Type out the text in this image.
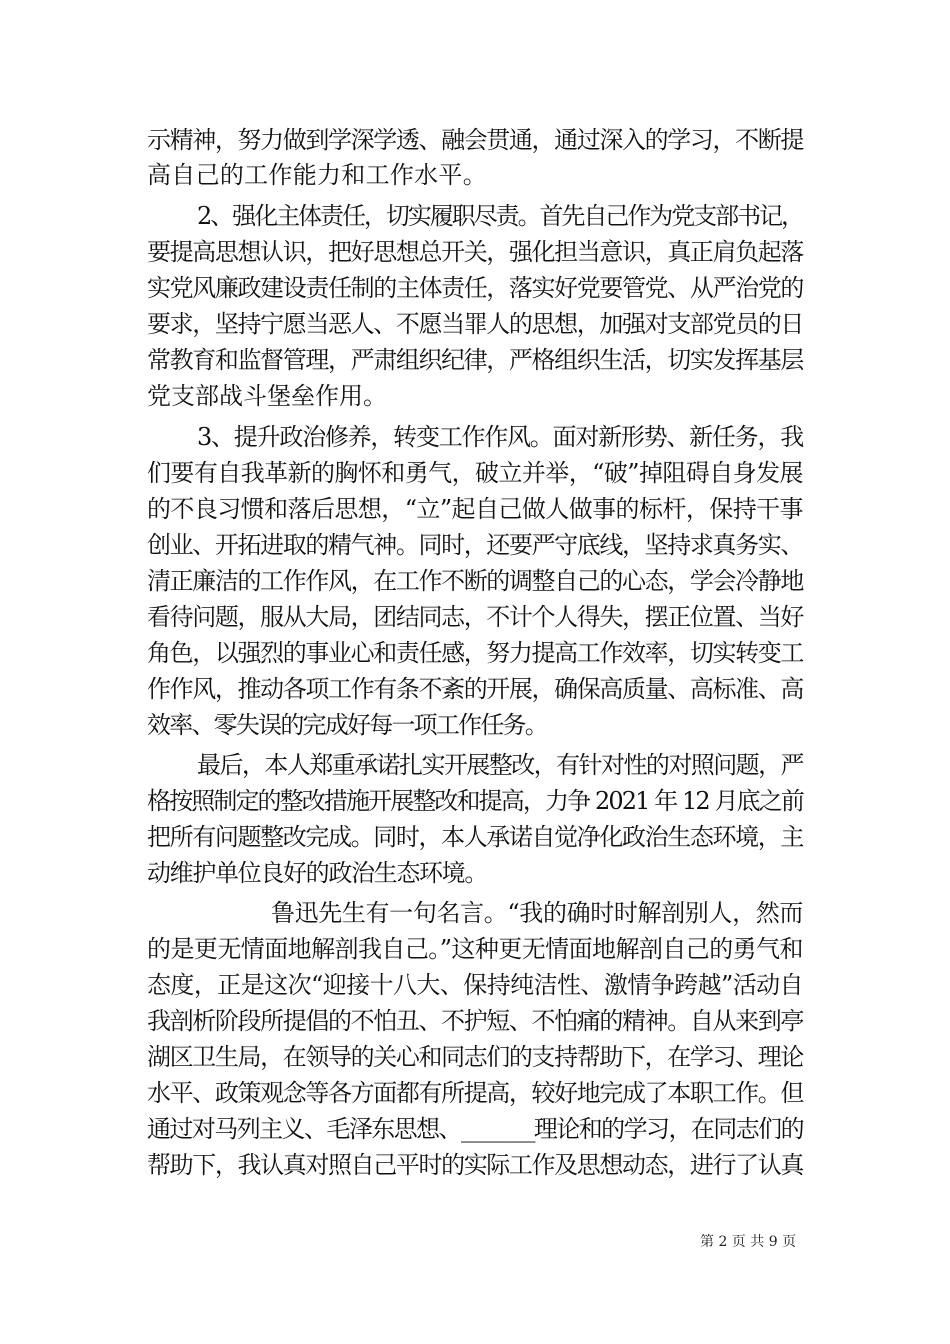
示精神，努力做到学深学透、融会贯通，通过深入的学习，不断提
高自己的工作能力和工作水平。
2、强化主体责任，切实履职尽责。首先自己作为党支部书记，
要提高思想认识，把好思想总开关，强化担当意识，真正肩负起落
实党风廉政建设责任制的主体责任，落实好党要管党、从严治党的
要求，坚持宁愿当恶人、不愿当罪人的思想，加强对支部党员的日
常教育和监督管理，严肃组织纪律，严格组织生活，切实发挥基层
党支部战斗堡垒作用。
3、提升政治修养，转变工作作风。面对新形势、新任务，我
们要有自我革新的胸怀和勇气，破立并举，“破”掉阻碍自身发展
的不良习惯和落后思想，“立”起自己做人做事的标杆，保持干事
创业、开拓进取的精气神。同时，还要严守底线，坚持求真务实、
清正廉洁的工作作风，在工作不断的调整自己的心态，学会冷静地
看待问题，服从大局，团结同志，不计个人得失，摆正位置、当好
角色，以强烈的事业心和责任感，努力提高工作效率，切实转变工
作作风，推动各项工作有条不紊的开展，确保高质量、高标准、高
效率、零失误的完成好每一项工作任务。
最后，本人郑重承诺扎实开展整改，有针对性的对照问题，严
格按照制定的整改措施开展整改和提高，力争 2021 年 12 月底之前
把所有问题整改完成。同时，本人承诺自觉净化政治生态环境，主
动维护单位良好的政治生态环境。
鲁迅先生有一句名言。“我的确时时解剖别人，然而
的是更无情面地解剖我自己。”这种更无情面地解剖自己的勇气和
态度，正是这次“迎接十八大、保持纯洁性、激情争跨越”活动自
我剖析阶段所提倡的不怕丑、不护短、不怕痛的精神。自从来到亭
湖区卫生局，在领导的关心和同志们的支持帮助下，在学习、理论
水平、政策观念等各方面都有所提高，较好地完成了本职工作。但
通过对马列主义、毛泽东思想、_______理论和的学习，在同志们的
帮助下，我认真对照自己平时的实际工作及思想动态，进行了认真
第 2 页 共 9 页
